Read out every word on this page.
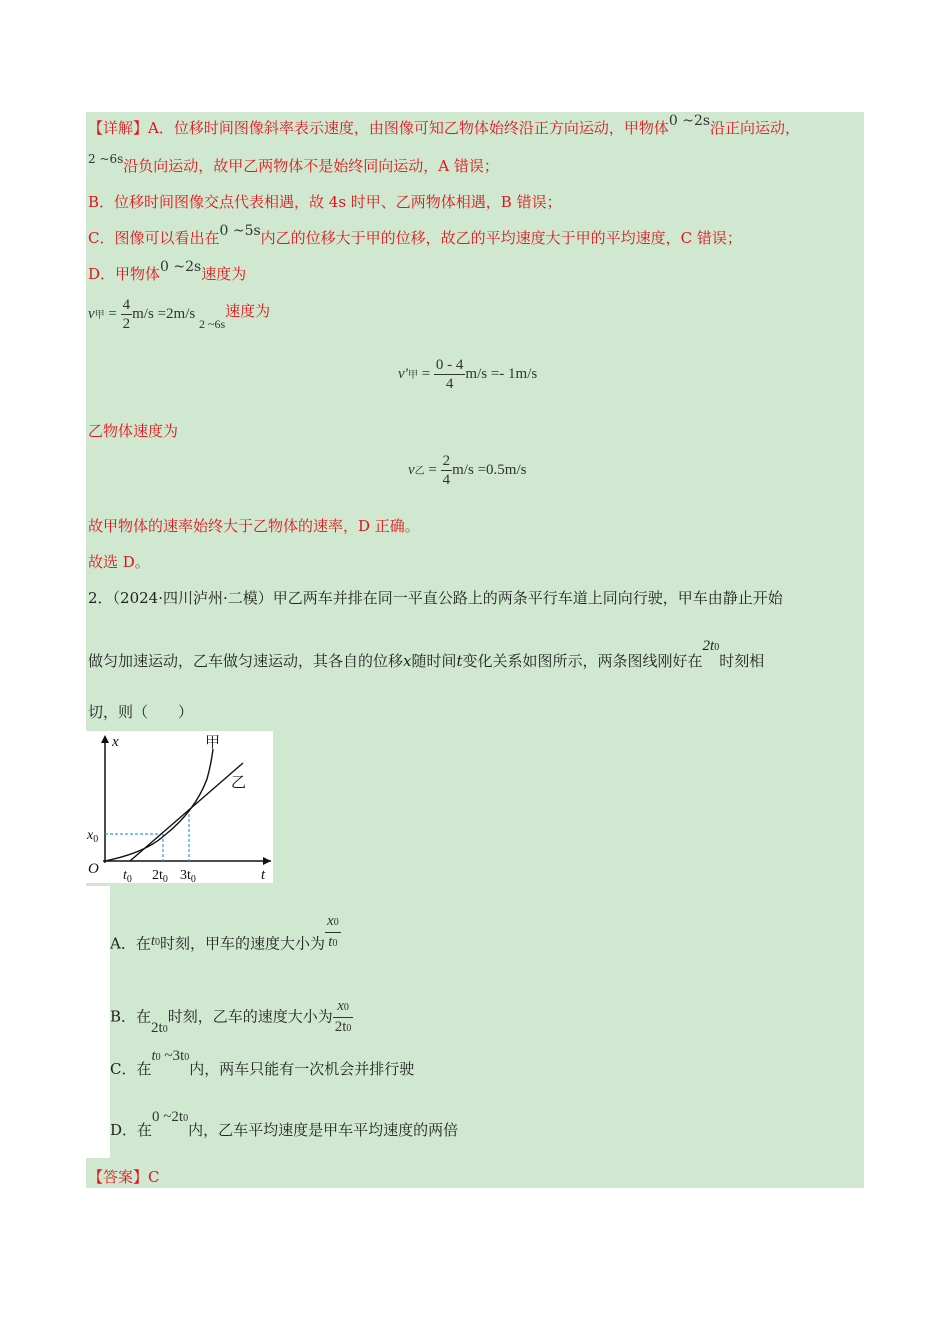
【详解】A．位移时间图像斜率表示速度，由图像可知乙物体始终沿正方向运动，甲物体0 ~2s沿正向运动，
$^{2 \sim 6s}$沿负向运动，故甲乙两物体不是始终同向运动，A 错误；
B．位移时间图像交点代表相遇，故 4s 时甲、乙两物体相遇，B 错误；
C．图像可以看出在0 ~5s内乙的位移大于甲的位移，故乙的平均速度大于甲的平均速度，C 错误；
D．甲物体0 ~2s速度为
v甲 = $\frac{4}{2} m/s =2m/s$ $_{2 \sim 6s}$速度为
v′甲 = $\frac{0 - 4}{4} m/s =- 1m/s$
乙物体速度为
v乙 = $\frac{2}{4} m/s =0.5m/s$
故甲物体的速率始终大于乙物体的速率，D 正确。
故选 D。
2．（2024·四川泸州·二模）甲乙两车并排在同一平直公路上的两条平行车道上同向行驶，甲车由静止开始
做匀加速运动，乙车做匀速运动，其各自的位移x随时间t变化关系如图所示，两条图线刚好在2t0时刻相
切，则（　　）
x
t
O
甲
乙
$x_0$
$t_0$ $2t_0$ $3t_0$
A．在t0时刻，甲车的速度大小为 $\frac{x0}{t0}$
B．在2t0时刻，乙车的速度大小为 $\frac{x0}{2t0}$
C．在t0 ~3t0内，两车只能有一次机会并排行驶
D．在0 ~2t0内，乙车平均速度是甲车平均速度的两倍
【答案】C
